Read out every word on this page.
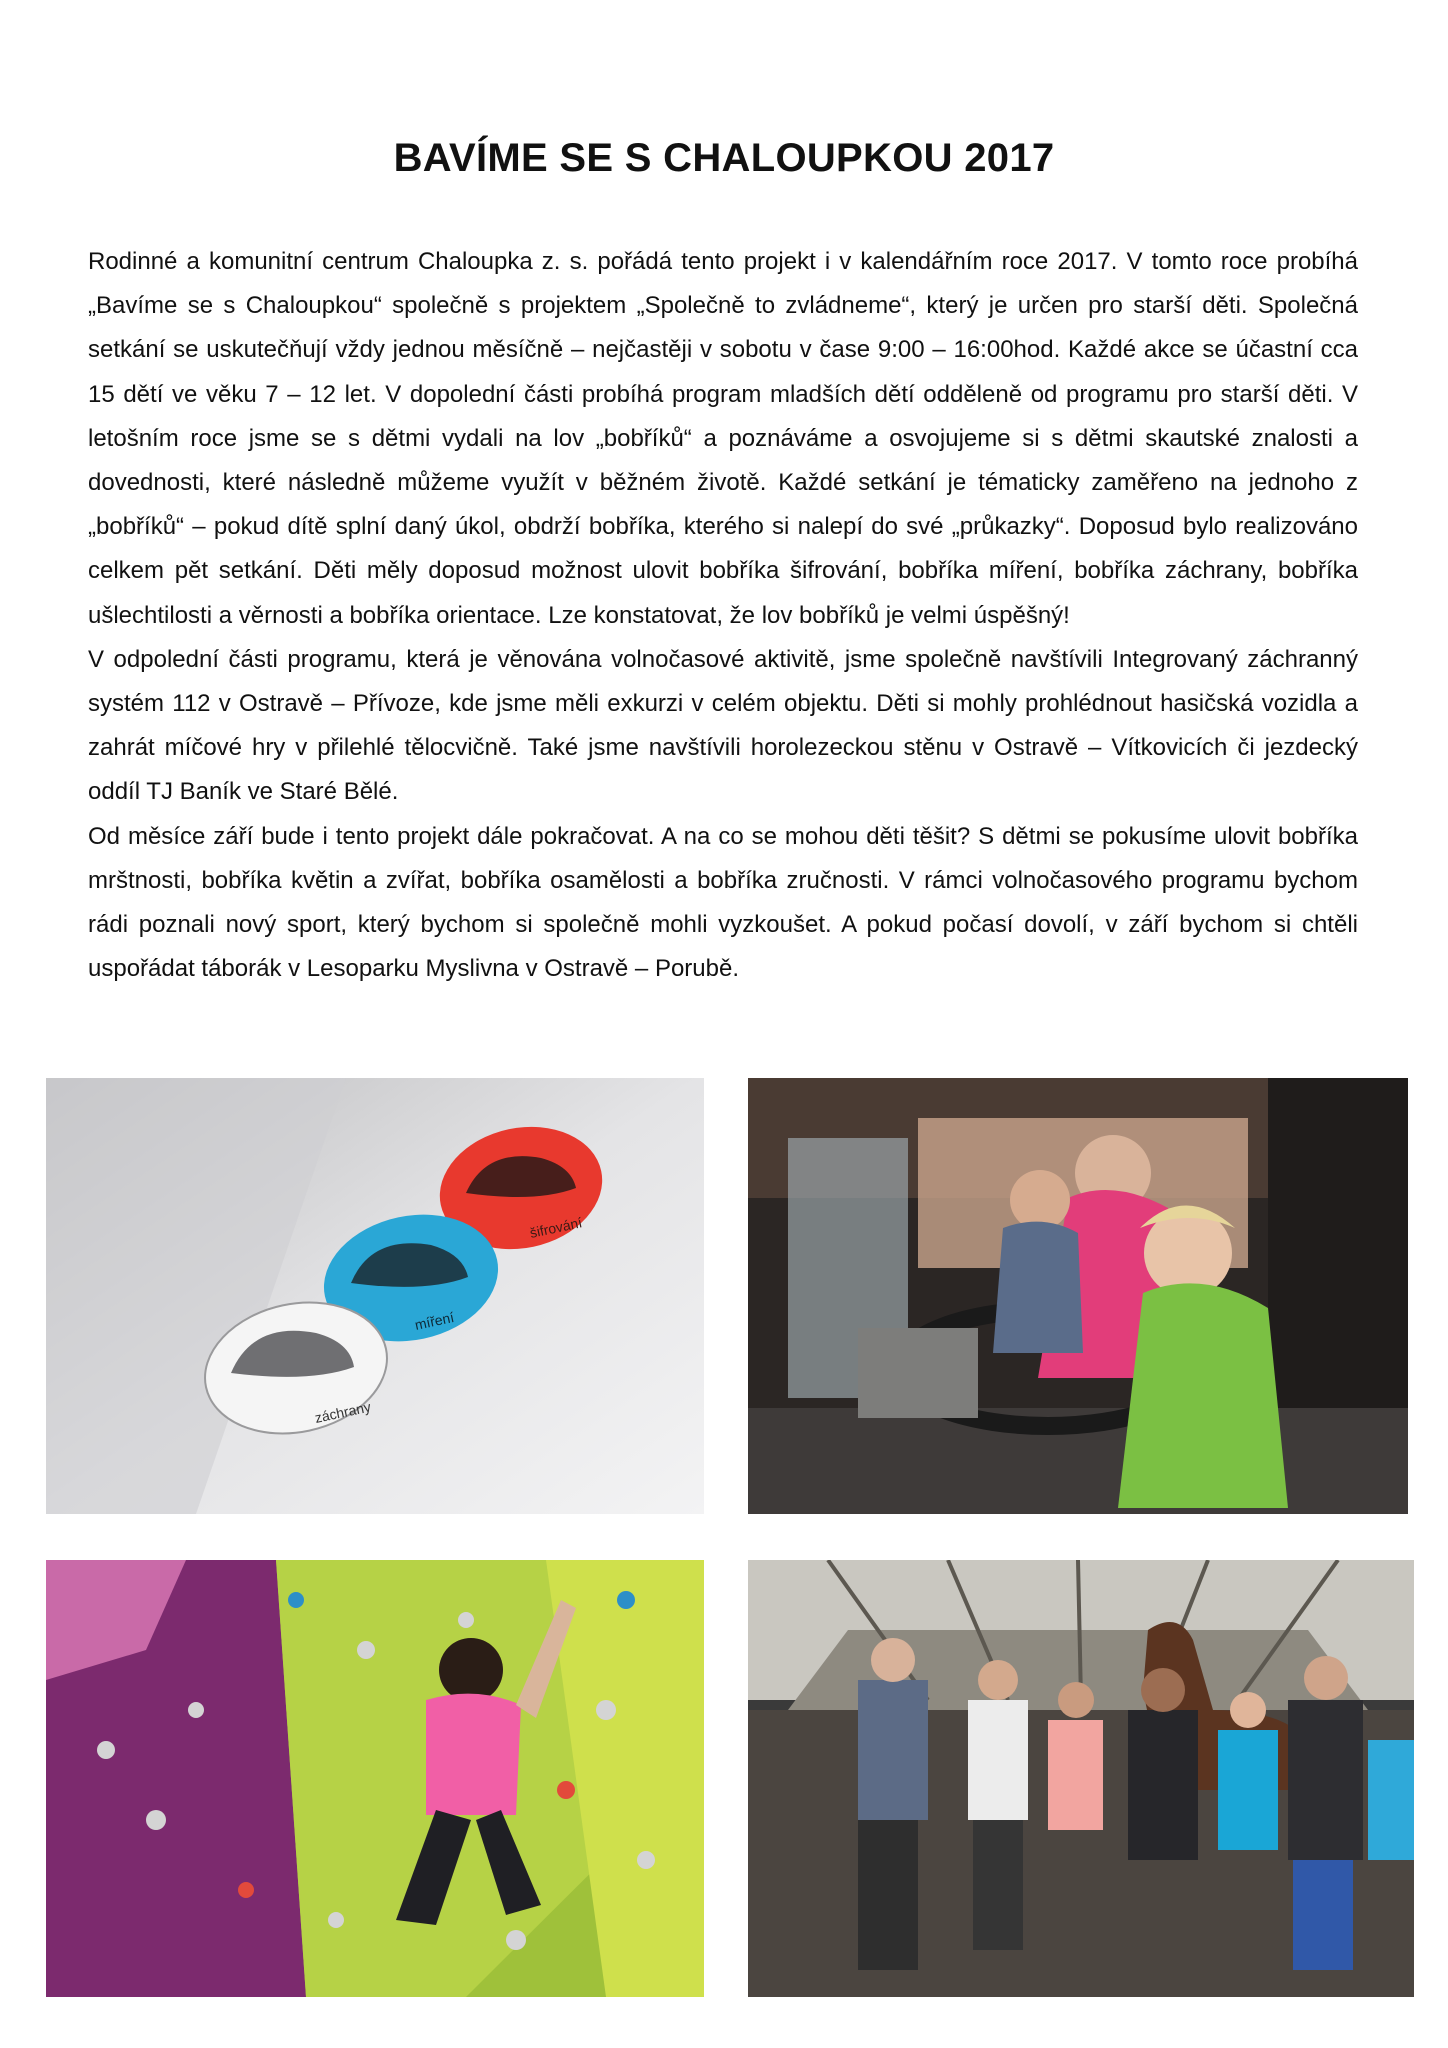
BAVÍME SE S CHALOUPKOU 2017

Rodinné a komunitní centrum Chaloupka z. s. pořádá tento projekt i v kalendářním roce 2017. V tomto roce probíhá „Bavíme se s Chaloupkou“ společně s projektem „Společně to zvládneme“, který je určen pro starší děti. Společná setkání se uskutečňují vždy jednou měsíčně – nejčastěji v sobotu v čase 9:00 – 16:00hod. Každé akce se účastní cca 15 dětí ve věku 7 – 12 let. V dopolední části probíhá program mladších dětí odděleně od programu pro starší děti. V letošním roce jsme se s dětmi vydali na lov „bobříků“ a poznáváme a osvojujeme si s dětmi skautské znalosti a dovednosti, které následně můžeme využít v běžném životě. Každé setkání je tématicky zaměřeno na jednoho z „bobříků“ – pokud dítě splní daný úkol, obdrží bobříka, kterého si nalepí do své „průkazky“. Doposud bylo realizováno celkem pět setkání. Děti měly doposud možnost ulovit bobříka šifrování, bobříka míření, bobříka záchrany, bobříka ušlechtilosti a věrnosti a bobříka orientace. Lze konstatovat, že lov bobříků je velmi úspěšný!

V odpolední části programu, která je věnována volnočasové aktivitě, jsme společně navštívili Integrovaný záchranný systém 112 v Ostravě – Přívoze, kde jsme měli exkurzi v celém objektu. Děti si mohly prohlédnout hasičská vozidla a zahrát míčové hry v přilehlé tělocvičně. Také jsme navštívili horolezeckou stěnu v Ostravě – Vítkovicích či jezdecký oddíl TJ Baník ve Staré Bělé.

Od měsíce září bude i tento projekt dále pokračovat. A na co se mohou děti těšit? S dětmi se pokusíme ulovit bobříka mrštnosti, bobříka květin a zvířat, bobříka osamělosti a bobříka zručnosti. V rámci volnočasového programu bychom rádi poznali nový sport, který bychom si společně mohli vyzkoušet. A pokud počasí dovolí, v září bychom si chtěli uspořádat táborák v Lesoparku Myslivna v Ostravě – Porubě.

šifrování
míření
záchrany
